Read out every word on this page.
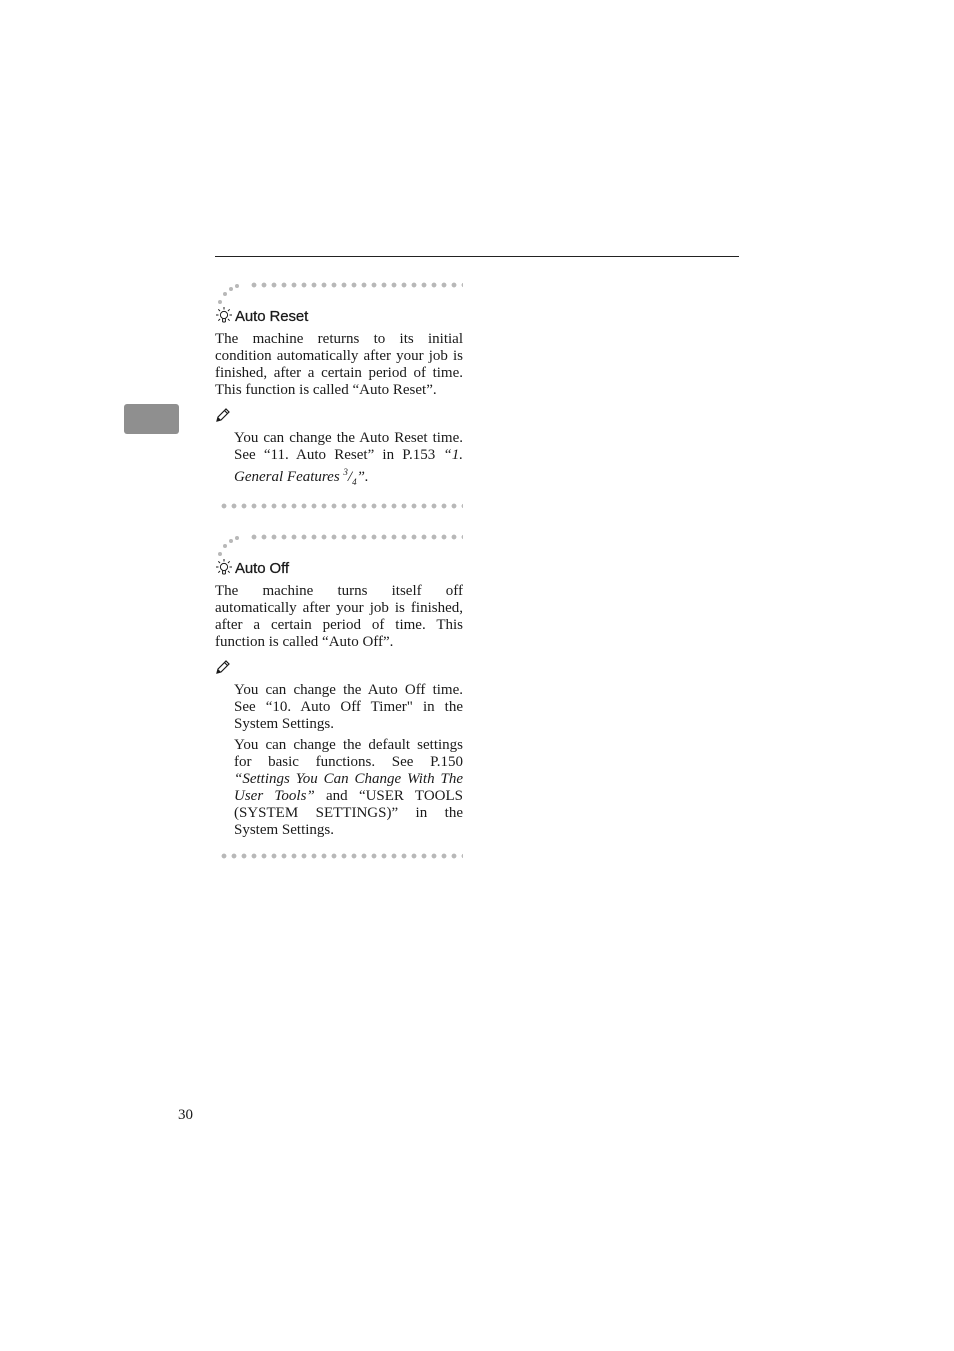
Auto Reset

The machine returns to its initial condition automatically after your job is finished, after a certain period of time. This function is called “Auto Reset”.

You can change the Auto Reset time. See “11. Auto Reset” in P.153 “1. General Features $^3/_4$”.
Auto Off

The machine turns itself off automatically after your job is finished, after a certain period of time. This function is called “Auto Off”.

You can change the Auto Off time. See “10. Auto Off Timer" in the System Settings.
You can change the default settings for basic functions. See P.150 “Settings You Can Change With The User Tools” and “USER TOOLS (SYSTEM SETTINGS)” in the System Settings.
30
